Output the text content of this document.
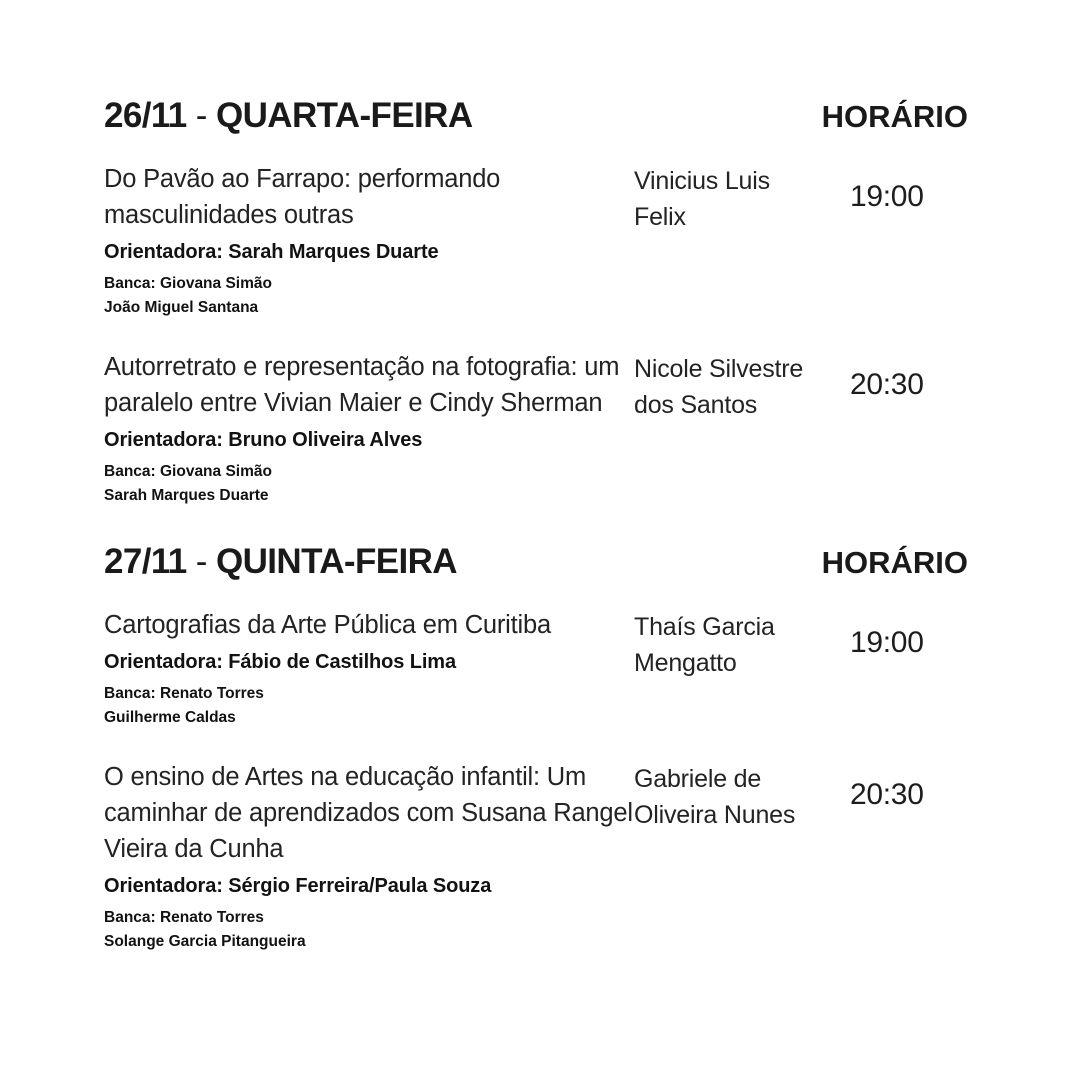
26/11 - QUARTA-FEIRA	HORÁRIO
Do Pavão ao Farrapo: performando masculinidades outras
Orientadora: Sarah Marques Duarte
Banca: Giovana Simão
João Miguel Santana
Vinicius Luis Felix
19:00
Autorretrato e representação na fotografia: um paralelo entre Vivian Maier e Cindy Sherman
Orientadora: Bruno Oliveira Alves
Banca: Giovana Simão
Sarah Marques Duarte
Nicole Silvestre dos Santos
20:30
27/11 - QUINTA-FEIRA	HORÁRIO
Cartografias da Arte Pública em Curitiba
Orientadora: Fábio de Castilhos Lima
Banca: Renato Torres
Guilherme Caldas
Thaís Garcia Mengatto
19:00
O ensino de Artes na educação infantil: Um caminhar de aprendizados com Susana Rangel Vieira da Cunha
Orientadora: Sérgio Ferreira/Paula Souza
Banca: Renato Torres
Solange Garcia Pitangueira
Gabriele de Oliveira Nunes
20:30
